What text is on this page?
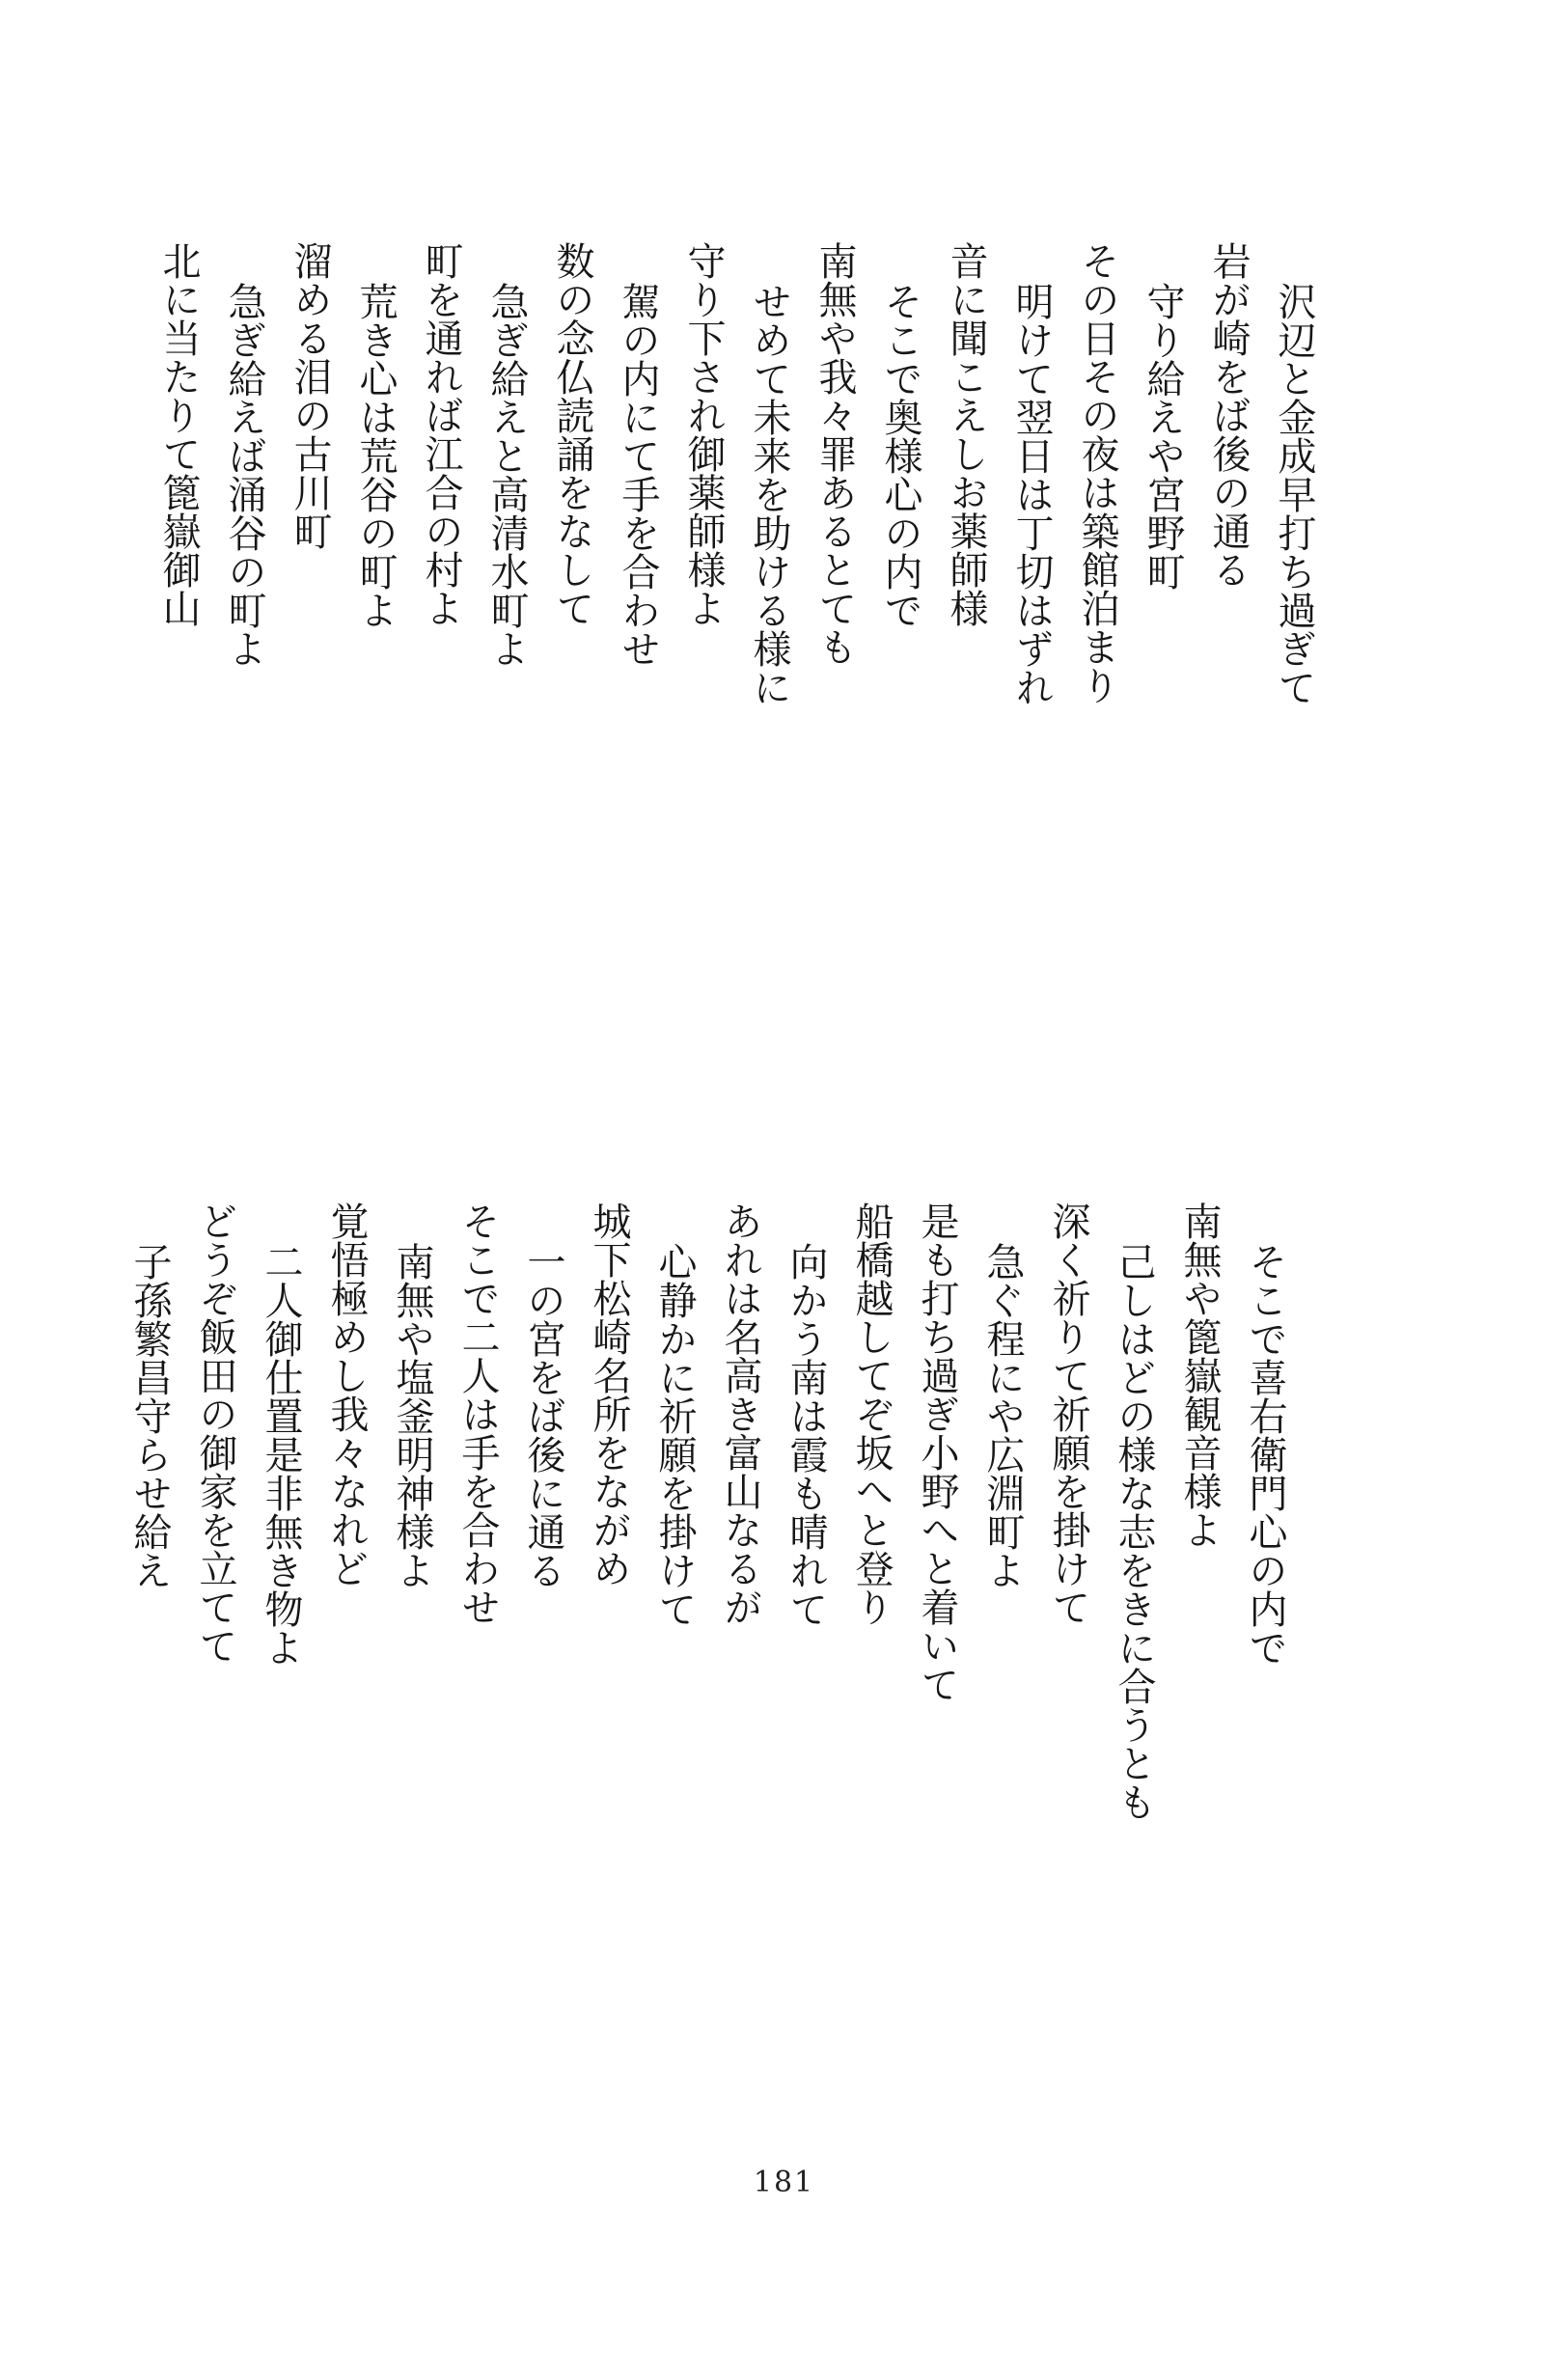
沢辺と金成早打ち過ぎて

岩が崎をば後の通る

守り給えや宮野町

その日その夜は築館泊まり

明けて翌日は丁切はずれ

音に聞こえしお薬師様

そこで奥様心の内で

南無や我々罪あるとても

せめて未来を助ける様に

守り下され御薬師様よ

駕の内にて手を合わせ

数の念仏読誦をなして

急ぎ給えと高清水町よ

町を通れば江合の村よ

荒き心は荒谷の町よ

溜める泪の古川町

急ぎ給えば涌谷の町よ

北に当たりて篦嶽御山

そこで喜右衛門心の内で

南無や篦嶽観音様よ

己しはどの様な志をきに合うとも

深く祈りて祈願を掛けて

急ぐ程にや広淵町よ

是も打ち過ぎ小野へと着いて

船橋越してぞ坂へと登り

向かう南は霞も晴れて

あれは名高き富山なるが

心静かに祈願を掛けて

城下松崎名所をながめ

一の宮をば後に通る

そこで二人は手を合わせ

南無や塩釜明神様よ

覚悟極めし我々なれど

二人御仕置是非無き物よ

どうぞ飯田の御家を立てて

子孫繁昌守らせ給え

181
